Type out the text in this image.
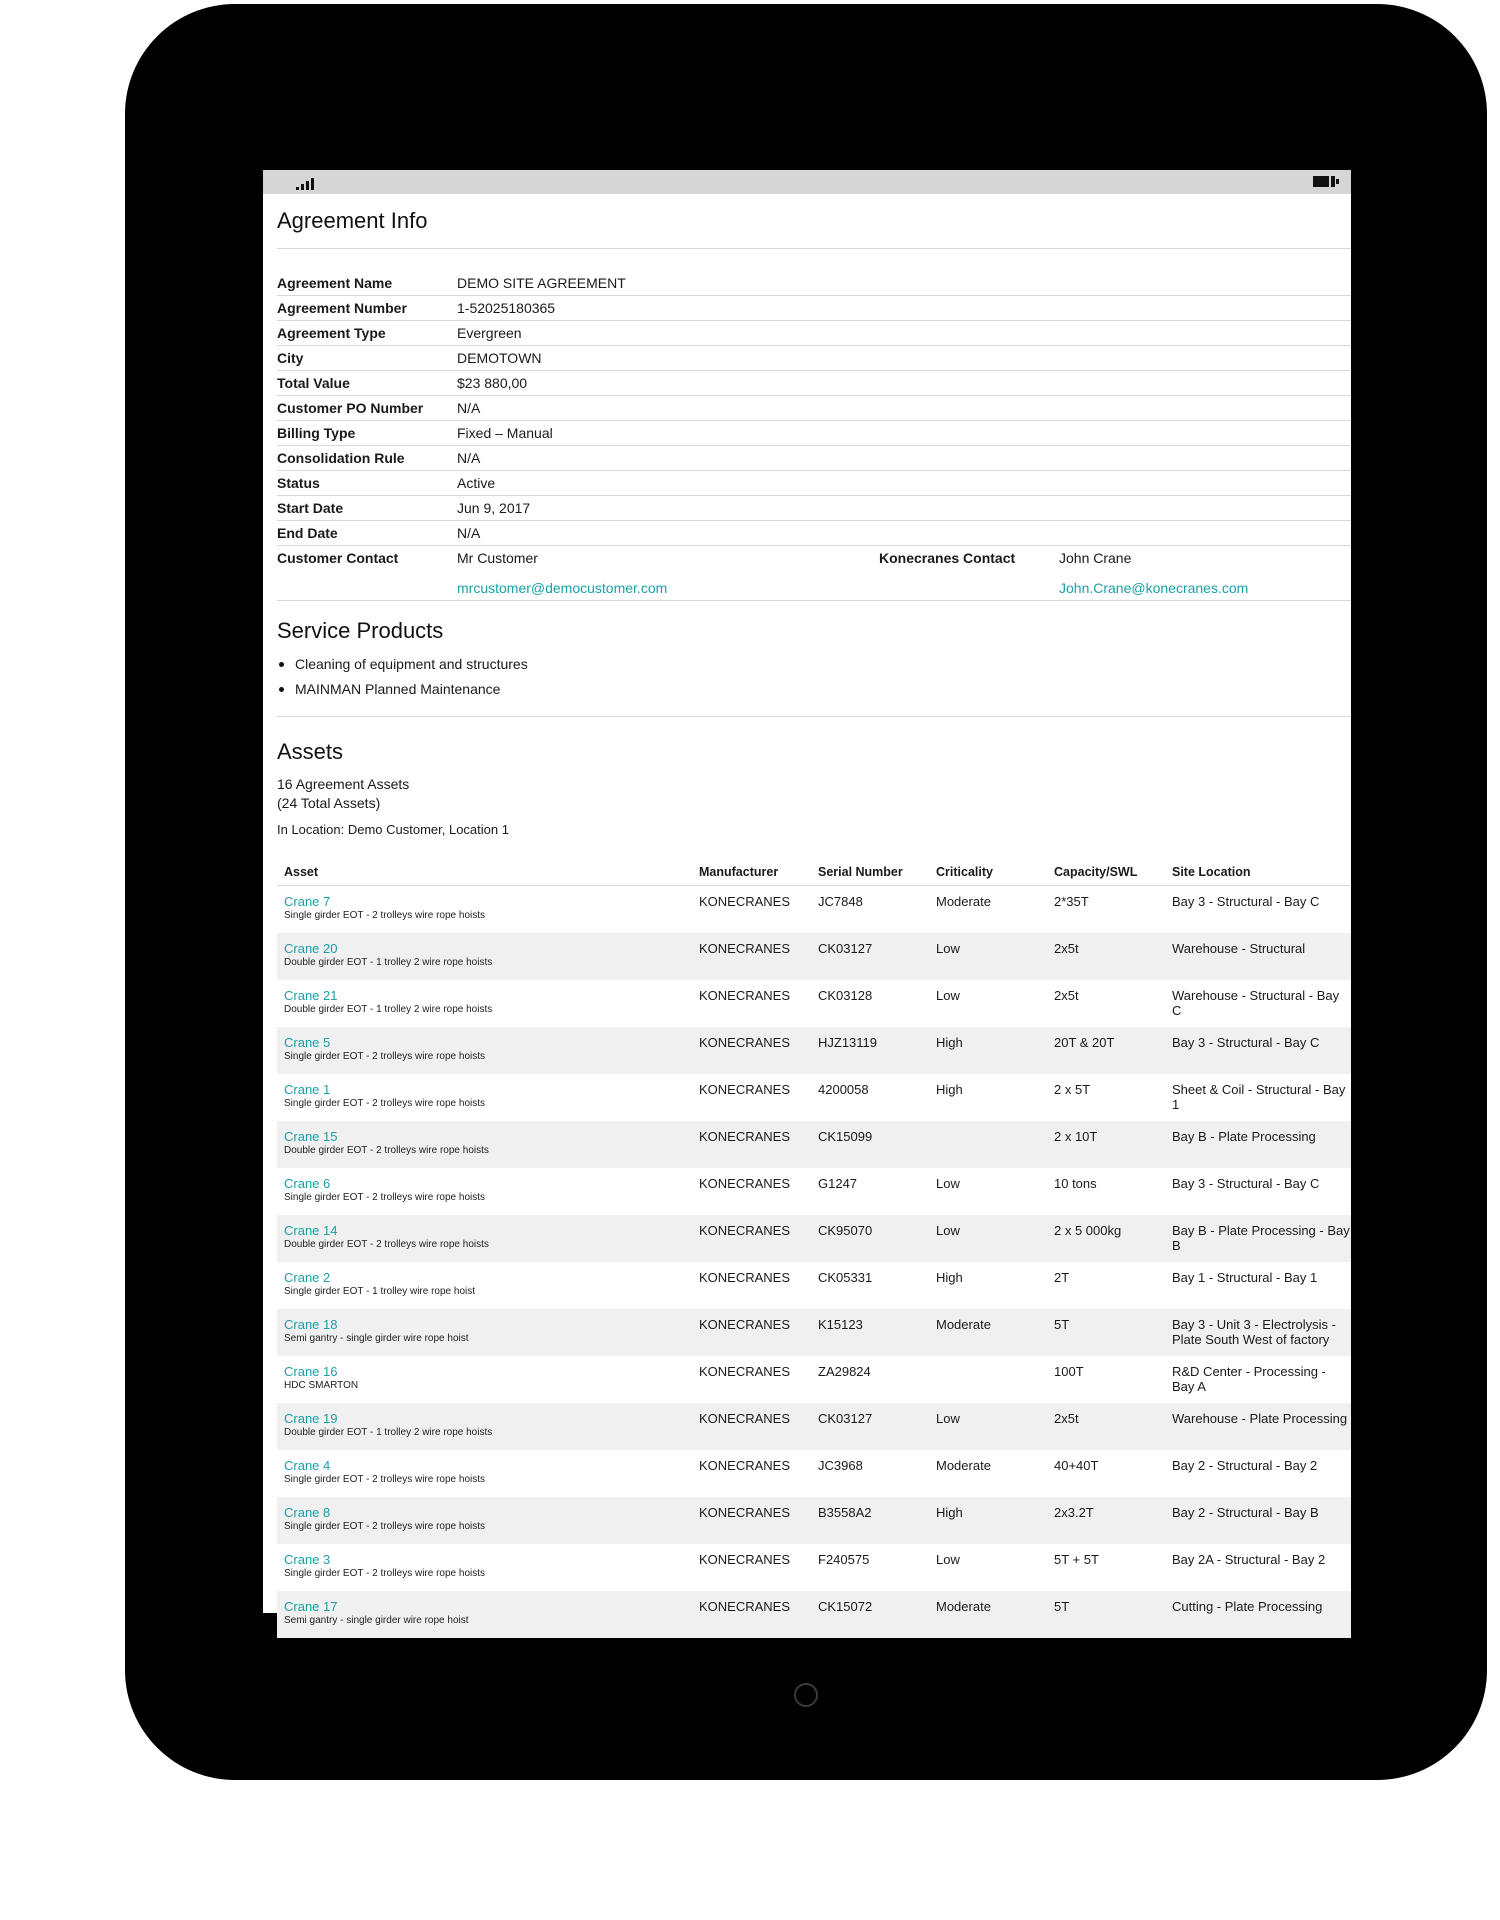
Agreement Info
Agreement Name	DEMO SITE AGREEMENT
Agreement Number	1-52025180365
Agreement Type	Evergreen
City	DEMOTOWN
Total Value	$23 880,00
Customer PO Number	N/A
Billing Type	Fixed – Manual
Consolidation Rule	N/A
Status	Active
Start Date	Jun 9, 2017
End Date	N/A
Customer Contact	Mr Customer
mrcustomer@democustomer.com
Konecranes Contact	John Crane
John.Crane@konecranes.com
Service Products
Cleaning of equipment and structures
MAINMAN Planned Maintenance
Assets
16 Agreement Assets
(24 Total Assets)
In Location: Demo Customer, Location 1
Asset	Manufacturer	Serial Number	Criticality	Capacity/SWL	Site Location

Crane 7
Single girder EOT - 2 trolleys wire rope hoists	KONECRANES	JC7848	Moderate	2*35T	Bay 3 - Structural - Bay C

Crane 20
Double girder EOT - 1 trolley 2 wire rope hoists	KONECRANES	CK03127	Low	2x5t	Warehouse - Structural

Crane 21
Double girder EOT - 1 trolley 2 wire rope hoists	KONECRANES	CK03128	Low	2x5t	Warehouse - Structural - Bay C

Crane 5
Single girder EOT - 2 trolleys wire rope hoists	KONECRANES	HJZ13119	High	20T & 20T	Bay 3 - Structural - Bay C

Crane 1
Single girder EOT - 2 trolleys wire rope hoists	KONECRANES	4200058	High	2 x 5T	Sheet & Coil - Structural - Bay 1

Crane 15
Double girder EOT - 2 trolleys wire rope hoists	KONECRANES	CK15099		2 x 10T	Bay B - Plate Processing

Crane 6
Single girder EOT - 2 trolleys wire rope hoists	KONECRANES	G1247	Low	10 tons	Bay 3 - Structural - Bay C

Crane 14
Double girder EOT - 2 trolleys wire rope hoists	KONECRANES	CK95070	Low	2 x 5 000kg	Bay B - Plate Processing - Bay B

Crane 2
Single girder EOT - 1 trolley wire rope hoist	KONECRANES	CK05331	High	2T	Bay 1 - Structural - Bay 1

Crane 18
Semi gantry - single girder wire rope hoist	KONECRANES	K15123	Moderate	5T	Bay 3 - Unit 3 - Electrolysis - Plate South West of factory

Crane 16
HDC SMARTON	KONECRANES	ZA29824		100T	R&D Center - Processing - Bay A

Crane 19
Double girder EOT - 1 trolley 2 wire rope hoists	KONECRANES	CK03127	Low	2x5t	Warehouse - Plate Processing

Crane 4
Single girder EOT - 2 trolleys wire rope hoists	KONECRANES	JC3968	Moderate	40+40T	Bay 2 - Structural - Bay 2

Crane 8
Single girder EOT - 2 trolleys wire rope hoists	KONECRANES	B3558A2	High	2x3.2T	Bay 2 - Structural - Bay B

Crane 3
Single girder EOT - 2 trolleys wire rope hoists	KONECRANES	F240575	Low	5T + 5T	Bay 2A - Structural - Bay 2

Crane 17
Semi gantry - single girder wire rope hoist	KONECRANES	CK15072	Moderate	5T	Cutting - Plate Processing
